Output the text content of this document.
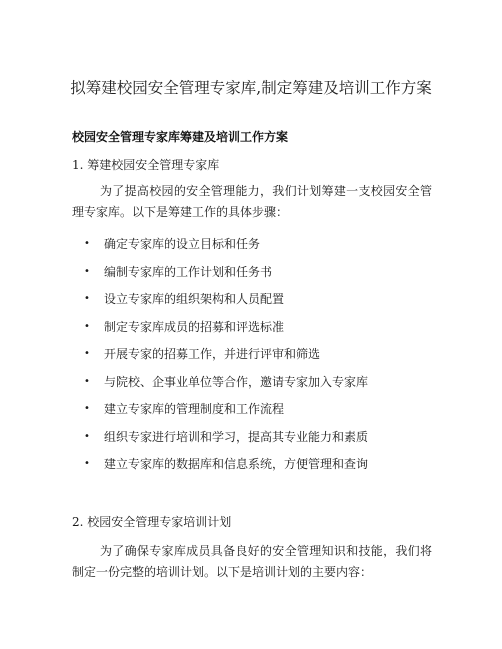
拟筹建校园安全管理专家库,制定筹建及培训工作方案
校园安全管理专家库筹建及培训工作方案
1. 筹建校园安全管理专家库
为了提高校园的安全管理能力，我们计划筹建一支校园安全管理专家库。以下是筹建工作的具体步骤：
• 确定专家库的设立目标和任务
• 编制专家库的工作计划和任务书
• 设立专家库的组织架构和人员配置
• 制定专家库成员的招募和评选标准
• 开展专家的招募工作，并进行评审和筛选
• 与院校、企事业单位等合作，邀请专家加入专家库
• 建立专家库的管理制度和工作流程
• 组织专家进行培训和学习，提高其专业能力和素质
• 建立专家库的数据库和信息系统，方便管理和查询
2. 校园安全管理专家培训计划
为了确保专家库成员具备良好的安全管理知识和技能，我们将制定一份完整的培训计划。以下是培训计划的主要内容：
